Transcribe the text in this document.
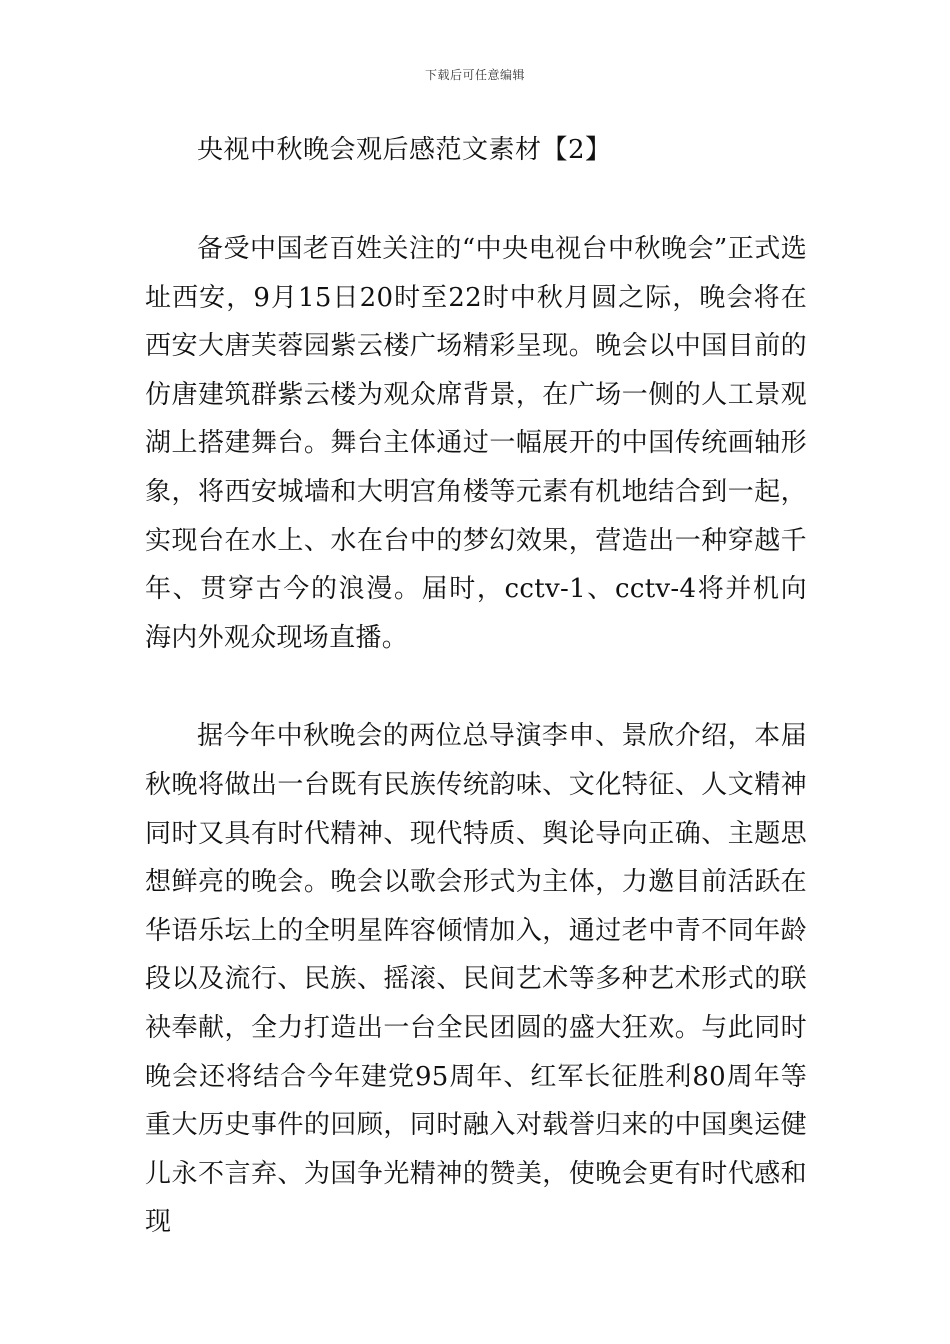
下载后可任意编辑
央视中秋晚会观后感范文素材【2】

备受中国老百姓关注的“中央电视台中秋晚会”正式选址西安，9月15日20时至22时中秋月圆之际，晚会将在西安大唐芙蓉园紫云楼广场精彩呈现。晚会以中国目前的仿唐建筑群紫云楼为观众席背景，在广场一侧的人工景观湖上搭建舞台。舞台主体通过一幅展开的中国传统画轴形象，将西安城墙和大明宫角楼等元素有机地结合到一起，实现台在水上、水在台中的梦幻效果，营造出一种穿越千年、贯穿古今的浪漫。届时，cctv-1、cctv-4将并机向海内外观众现场直播。

据今年中秋晚会的两位总导演李申、景欣介绍，本届秋晚将做出一台既有民族传统韵味、文化特征、人文精神同时又具有时代精神、现代特质、舆论导向正确、主题思想鲜亮的晚会。晚会以歌会形式为主体，力邀目前活跃在华语乐坛上的全明星阵容倾情加入，通过老中青不同年龄段以及流行、民族、摇滚、民间艺术等多种艺术形式的联袂奉献，全力打造出一台全民团圆的盛大狂欢。与此同时晚会还将结合今年建党95周年、红军长征胜利80周年等重大历史事件的回顾，同时融入对载誉归来的中国奥运健儿永不言弃、为国争光精神的赞美，使晚会更有时代感和现
